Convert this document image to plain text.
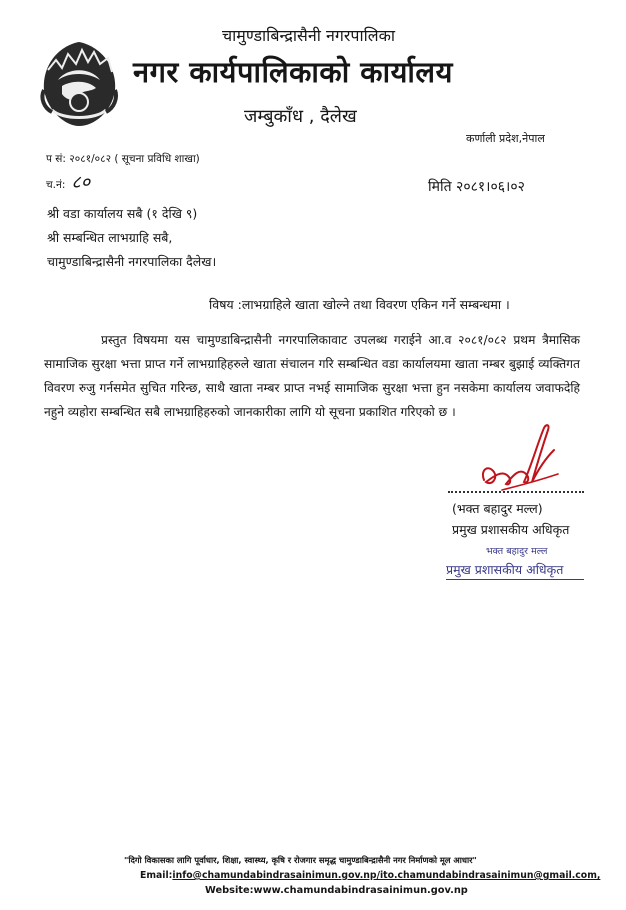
चामुण्डाबिन्द्रासैनी नगरपालिका
नगर कार्यपालिकाको कार्यालय
जम्बुकाँध , दैलेख
कर्णाली प्रदेश,नेपाल
प सं: २०८१/०८२ ( सूचना प्रविधि शाखा)
च.नं: ८०	मिति २०८१।०६।०२
श्री वडा कार्यालय सबै (१ देखि ९)
श्री सम्बन्धित लाभग्राहि सबै,
चामुण्डाबिन्द्रासैनी नगरपालिका दैलेख।
विषय :लाभग्राहिले खाता खोल्ने तथा विवरण एकिन गर्ने सम्बन्धमा ।

प्रस्तुत विषयमा यस चामुण्डाबिन्द्रासैनी नगरपालिकावाट उपलब्ध गराईने आ.व २०८१/०८२ प्रथम त्रैमासिक सामाजिक सुरक्षा भत्ता प्राप्त गर्ने लाभग्राहिहरुले खाता संचालन गरि सम्बन्धित वडा कार्यालयमा खाता नम्बर बुझाई व्यक्तिगत विवरण रुजु गर्नसमेत सुचित गरिन्छ, साथै खाता नम्बर प्राप्त नभई सामाजिक सुरक्षा भत्ता हुन नसकेमा कार्यालय जवाफदेहि नहुने व्यहोरा सम्बन्धित सबै लाभग्राहिहरुको जानकारीका लागि यो सूचना प्रकाशित गरिएको छ ।

(भक्त बहादुर मल्ल)
प्रमुख प्रशासकीय अधिकृत
भक्त बहादुर मल्ल
प्रमुख प्रशासकीय अधिकृत
"दिगो विकासका लागि पूर्वाधार, शिक्षा, स्वास्थ्य, कृषि र रोजगार समृद्ध चामुण्डाबिन्द्रासैनी नगर निर्माणको मूल आधार"
Email:info@chamundabindrasainimun.gov.np/ito.chamundabindrasainimun@gmail.com,
Website:www.chamundabindrasainimun.gov.np
